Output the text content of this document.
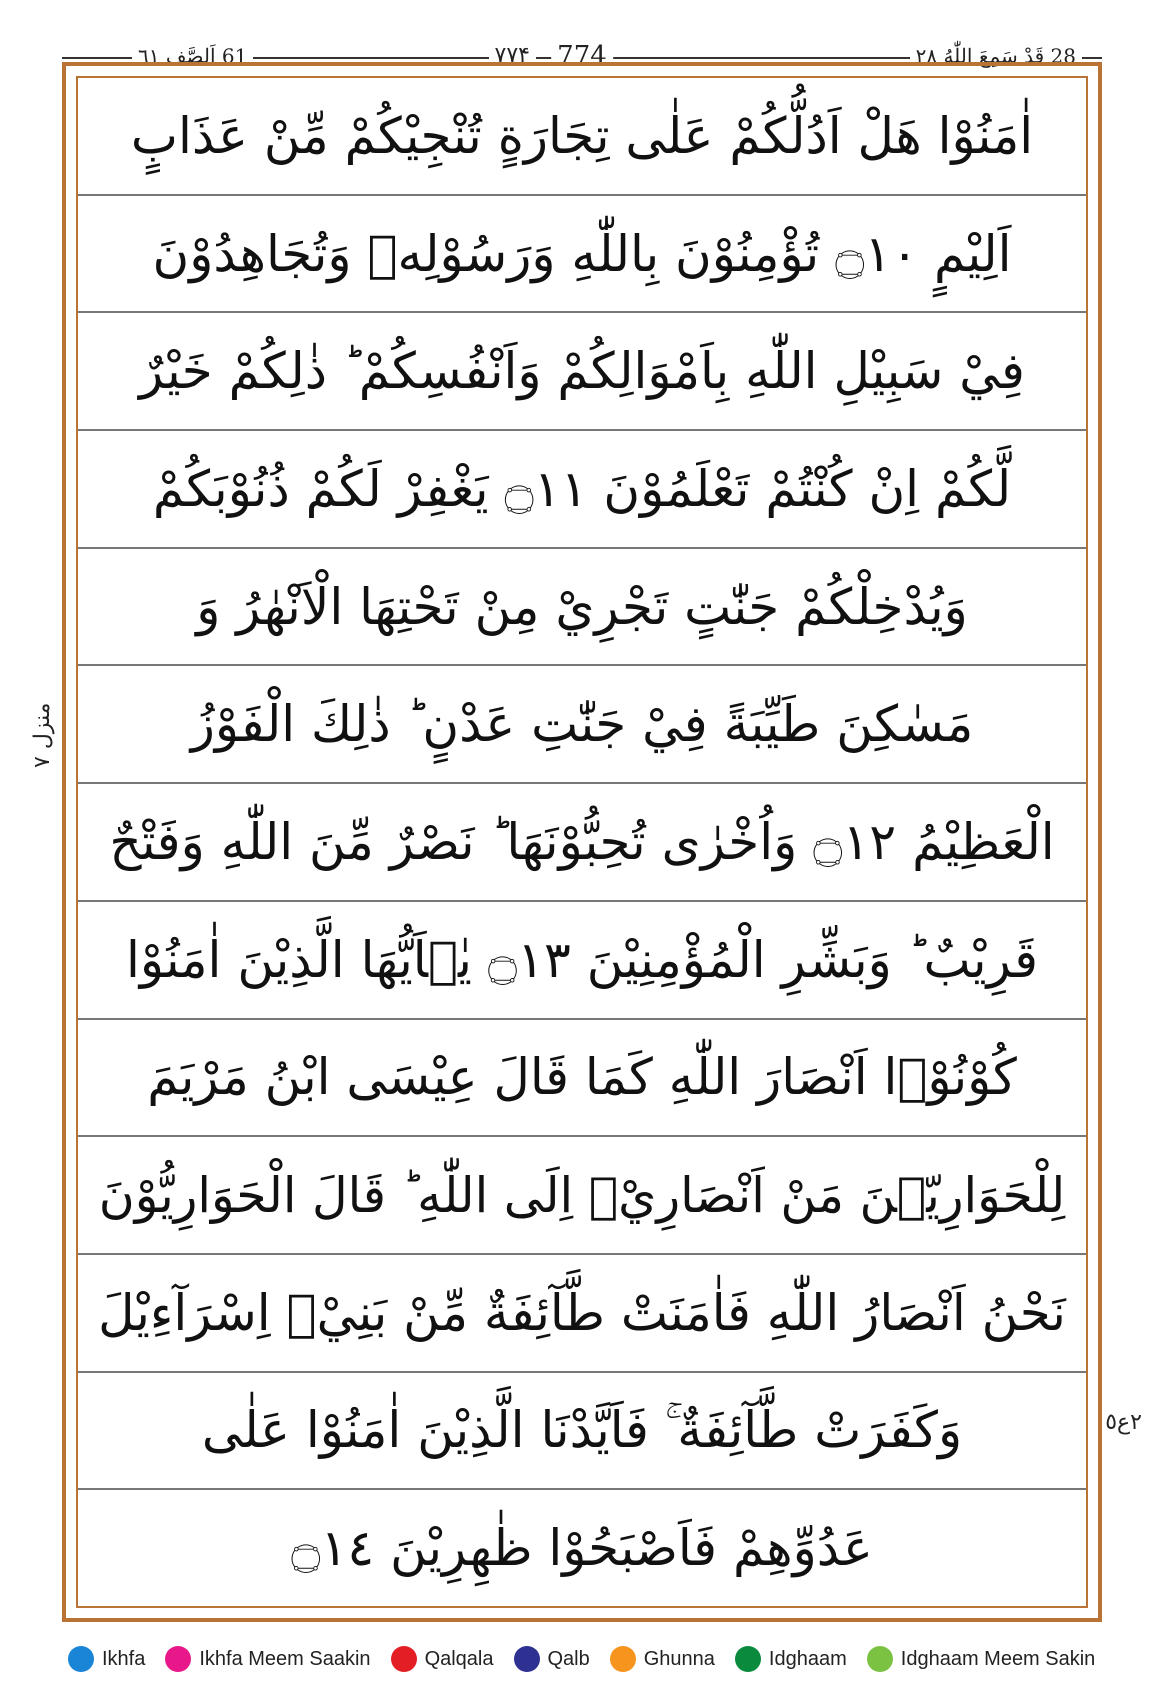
28 قَدْ سَمِعَ اللّٰهُ ٢٨
774
٧٧۴
61 اَلصَّف ٦١
اٰمَنُوْا هَلْ اَدُلُّكُمْ عَلٰى تِجَارَةٍ تُنْجِيْكُمْ مِّنْ عَذَابٍ
اَلِيْمٍ ۝١٠ تُؤْمِنُوْنَ بِاللّٰهِ وَرَسُوْلِهٖ وَتُجَاهِدُوْنَ
فِيْ سَبِيْلِ اللّٰهِ بِاَمْوَالِكُمْ وَاَنْفُسِكُمْ ؕ ذٰلِكُمْ خَيْرٌ
لَّكُمْ اِنْ كُنْتُمْ تَعْلَمُوْنَ ۝١١ يَغْفِرْ لَكُمْ ذُنُوْبَكُمْ
وَيُدْخِلْكُمْ جَنّٰتٍ تَجْرِيْ مِنْ تَحْتِهَا الْاَنْهٰرُ وَ
مَسٰكِنَ طَيِّبَةً فِيْ جَنّٰتِ عَدْنٍ ؕ ذٰلِكَ الْفَوْزُ
الْعَظِيْمُ ۝١٢ وَاُخْرٰى تُحِبُّوْنَهَا ؕ نَصْرٌ مِّنَ اللّٰهِ وَفَتْحٌ
قَرِيْبٌ ؕ وَبَشِّرِ الْمُؤْمِنِيْنَ ۝١٣ يٰۤاَيُّهَا الَّذِيْنَ اٰمَنُوْا
كُوْنُوْۤا اَنْصَارَ اللّٰهِ كَمَا قَالَ عِيْسَى ابْنُ مَرْيَمَ
لِلْحَوَارِيّٖنَ مَنْ اَنْصَارِيْۤ اِلَى اللّٰهِ ؕ قَالَ الْحَوَارِيُّوْنَ
نَحْنُ اَنْصَارُ اللّٰهِ فَاٰمَنَتْ طَّآئِفَةٌ مِّنْ بَنِيْۤ اِسْرَآءِيْلَ
وَكَفَرَتْ طَّآئِفَةٌ ۚ فَاَيَّدْنَا الَّذِيْنَ اٰمَنُوْا عَلٰى
عَدُوِّهِمْ فَاَصْبَحُوْا ظٰهِرِيْنَ ۝١٤
منزل ٧
٢ع٥
Ikhfa	Ikhfa Meem Saakin	Qalqala	Qalb	Ghunna	Idghaam	Idghaam Meem Sakin
